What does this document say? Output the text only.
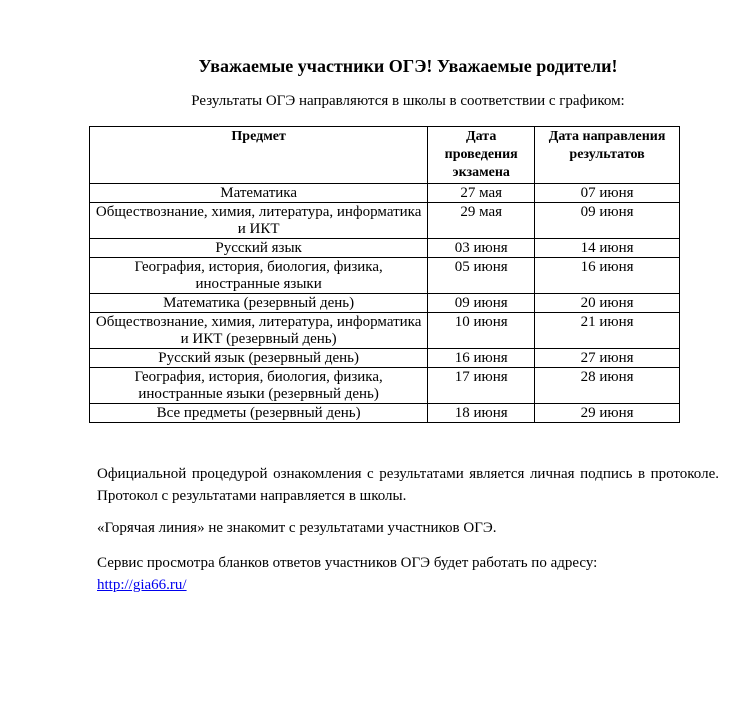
Уважаемые участники ОГЭ! Уважаемые родители!
Результаты ОГЭ направляются в школы в соответствии с графиком:
Предмет	Дата проведения экзамена	Дата направления результатов
Математика	27 мая	07 июня
Обществознание, химия, литература, информатика и ИКТ	29 мая	09 июня
Русский язык	03 июня	14 июня
География, история, биология, физика, иностранные языки	05 июня	16 июня
Математика (резервный день)	09 июня	20 июня
Обществознание, химия, литература, информатика и ИКТ (резервный день)	10 июня	21 июня
Русский язык (резервный день)	16 июня	27 июня
География, история, биология, физика, иностранные языки (резервный день)	17 июня	28 июня
Все предметы (резервный день)	18 июня	29 июня

Официальной процедурой ознакомления с результатами является личная подпись в протоколе. Протокол с результатами направляется в школы.

«Горячая линия» не знакомит с результатами участников ОГЭ.

Сервис просмотра бланков ответов участников ОГЭ будет работать по адресу:
http://gia66.ru/
